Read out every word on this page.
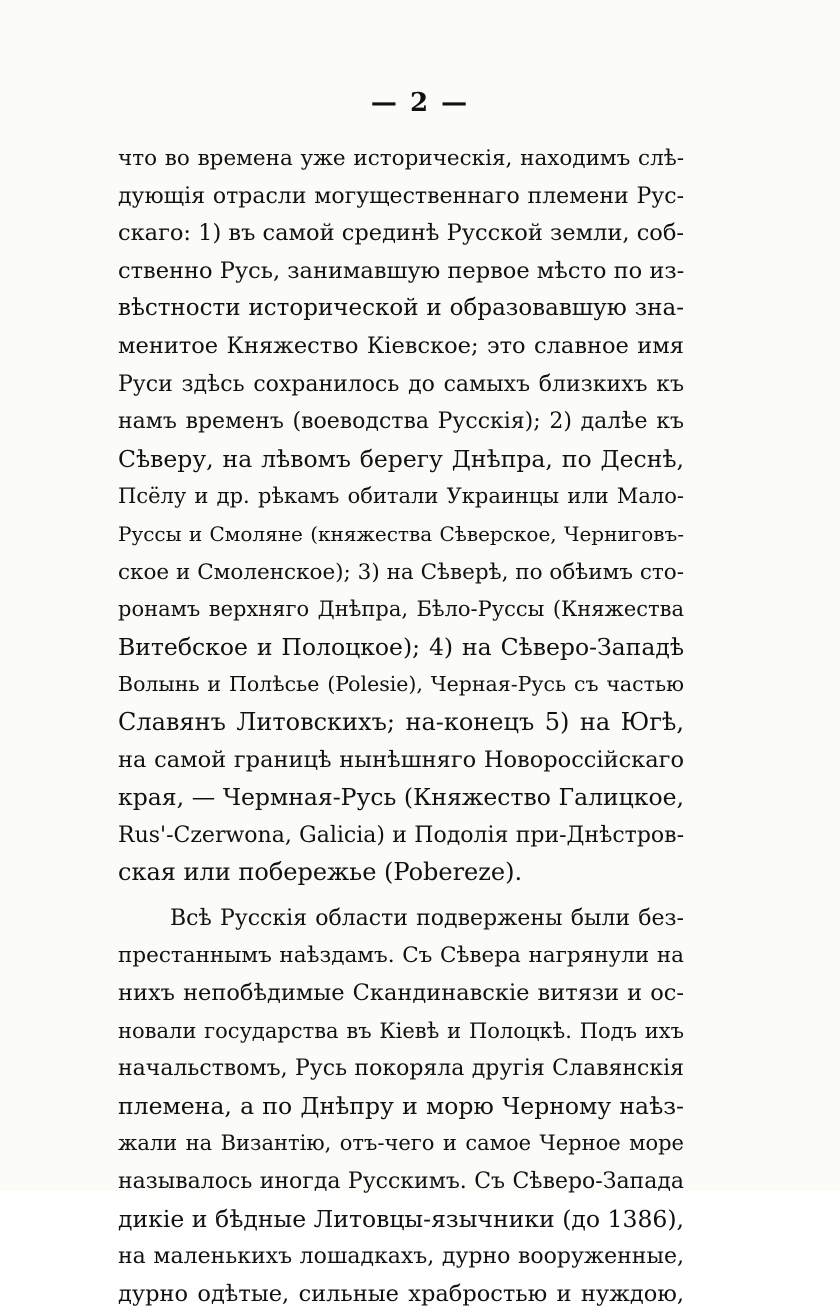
— 2 —
что во времена уже историческія, находимъ слѣ-
дующія отрасли могущественнаго племени Рус-
скаго: 1) въ самой срединѣ Русской земли, соб-
ственно Русь, занимавшую первое мѣсто по из-
вѣстности исторической и образовавшую зна-
менитое Княжество Кіевское; это славное имя
Руси здѣсь сохранилось до самыхъ близкихъ къ
намъ временъ (воеводства Русскія); 2) далѣе къ
Сѣверу, на лѣвомъ берегу Днѣпра, по Деснѣ,
Псёлу и др. рѣкамъ обитали Украинцы или Мало-
Руссы и Смоляне (княжества Сѣверское, Черниговъ-
ское и Смоленское); 3) на Сѣверѣ, по обѣимъ сто-
ронамъ верхняго Днѣпра, Бѣло-Руссы (Княжества
Витебское и Полоцкое); 4) на Сѣверо-Западѣ
Волынь и Полѣсье (Polesie), Черная-Русь съ частью
Славянъ Литовскихъ; на-конецъ 5) на Югѣ,
на самой границѣ нынѣшняго Новороссійскаго
края, — Чермная-Русь (Княжество Галицкое,
Rus'-Czerwona, Galicia) и Подолія при-Днѣстров-
ская или побережье (Pobereze).
Всѣ Русскія области подвержены были без-
престаннымъ наѣздамъ. Съ Сѣвера нагрянули на
нихъ непобѣдимые Скандинавскіе витязи и ос-
новали государства въ Кіевѣ и Полоцкѣ. Подъ ихъ
начальствомъ, Русь покоряла другія Славянскія
племена, а по Днѣпру и морю Черному наѣз-
жали на Византію, отъ-чего и самое Черное море
называлось иногда Русскимъ. Съ Сѣверо-Запада
дикіе и бѣдные Литовцы-язычники (до 1386),
на маленькихъ лошадкахъ, дурно вооруженные,
дурно одѣтые, сильные храбростью и нуждою,
